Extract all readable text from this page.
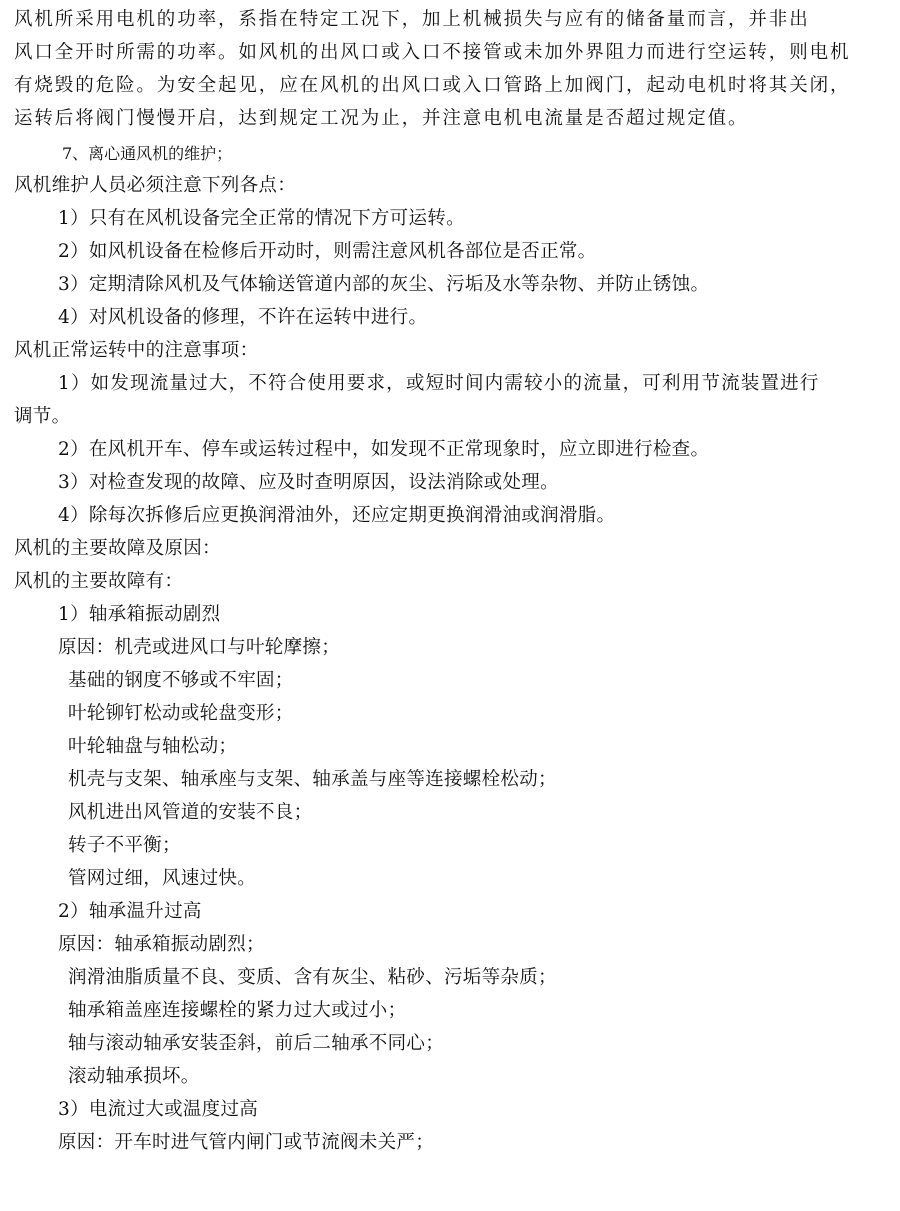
风机所采用电机的功率，系指在特定工况下，加上机械损失与应有的储备量而言，并非出
风口全开时所需的功率。如风机的出风口或入口不接管或未加外界阻力而进行空运转，则电机
有烧毁的危险。为安全起见，应在风机的出风口或入口管路上加阀门，起动电机时将其关闭，
运转后将阀门慢慢开启，达到规定工况为止，并注意电机电流量是否超过规定值。
7、离心通风机的维护；
风机维护人员必须注意下列各点：
1）只有在风机设备完全正常的情况下方可运转。
2）如风机设备在检修后开动时，则需注意风机各部位是否正常。
3）定期清除风机及气体输送管道内部的灰尘、污垢及水等杂物、并防止锈蚀。
4）对风机设备的修理，不许在运转中进行。
风机正常运转中的注意事项：
1）如发现流量过大，不符合使用要求，或短时间内需较小的流量，可利用节流装置进行
调节。
2）在风机开车、停车或运转过程中，如发现不正常现象时，应立即进行检查。
3）对检查发现的故障、应及时查明原因，设法消除或处理。
4）除每次拆修后应更换润滑油外，还应定期更换润滑油或润滑脂。
风机的主要故障及原因：
风机的主要故障有：
1）轴承箱振动剧烈
原因：机壳或进风口与叶轮摩擦；
基础的钢度不够或不牢固；
叶轮铆钉松动或轮盘变形；
叶轮轴盘与轴松动；
机壳与支架、轴承座与支架、轴承盖与座等连接螺栓松动；
风机进出风管道的安装不良；
转子不平衡；
管网过细，风速过快。
2）轴承温升过高
原因：轴承箱振动剧烈；
润滑油脂质量不良、变质、含有灰尘、粘砂、污垢等杂质；
轴承箱盖座连接螺栓的紧力过大或过小；
轴与滚动轴承安装歪斜，前后二轴承不同心；
滚动轴承损坏。
3）电流过大或温度过高
原因：开车时进气管内闸门或节流阀未关严；
